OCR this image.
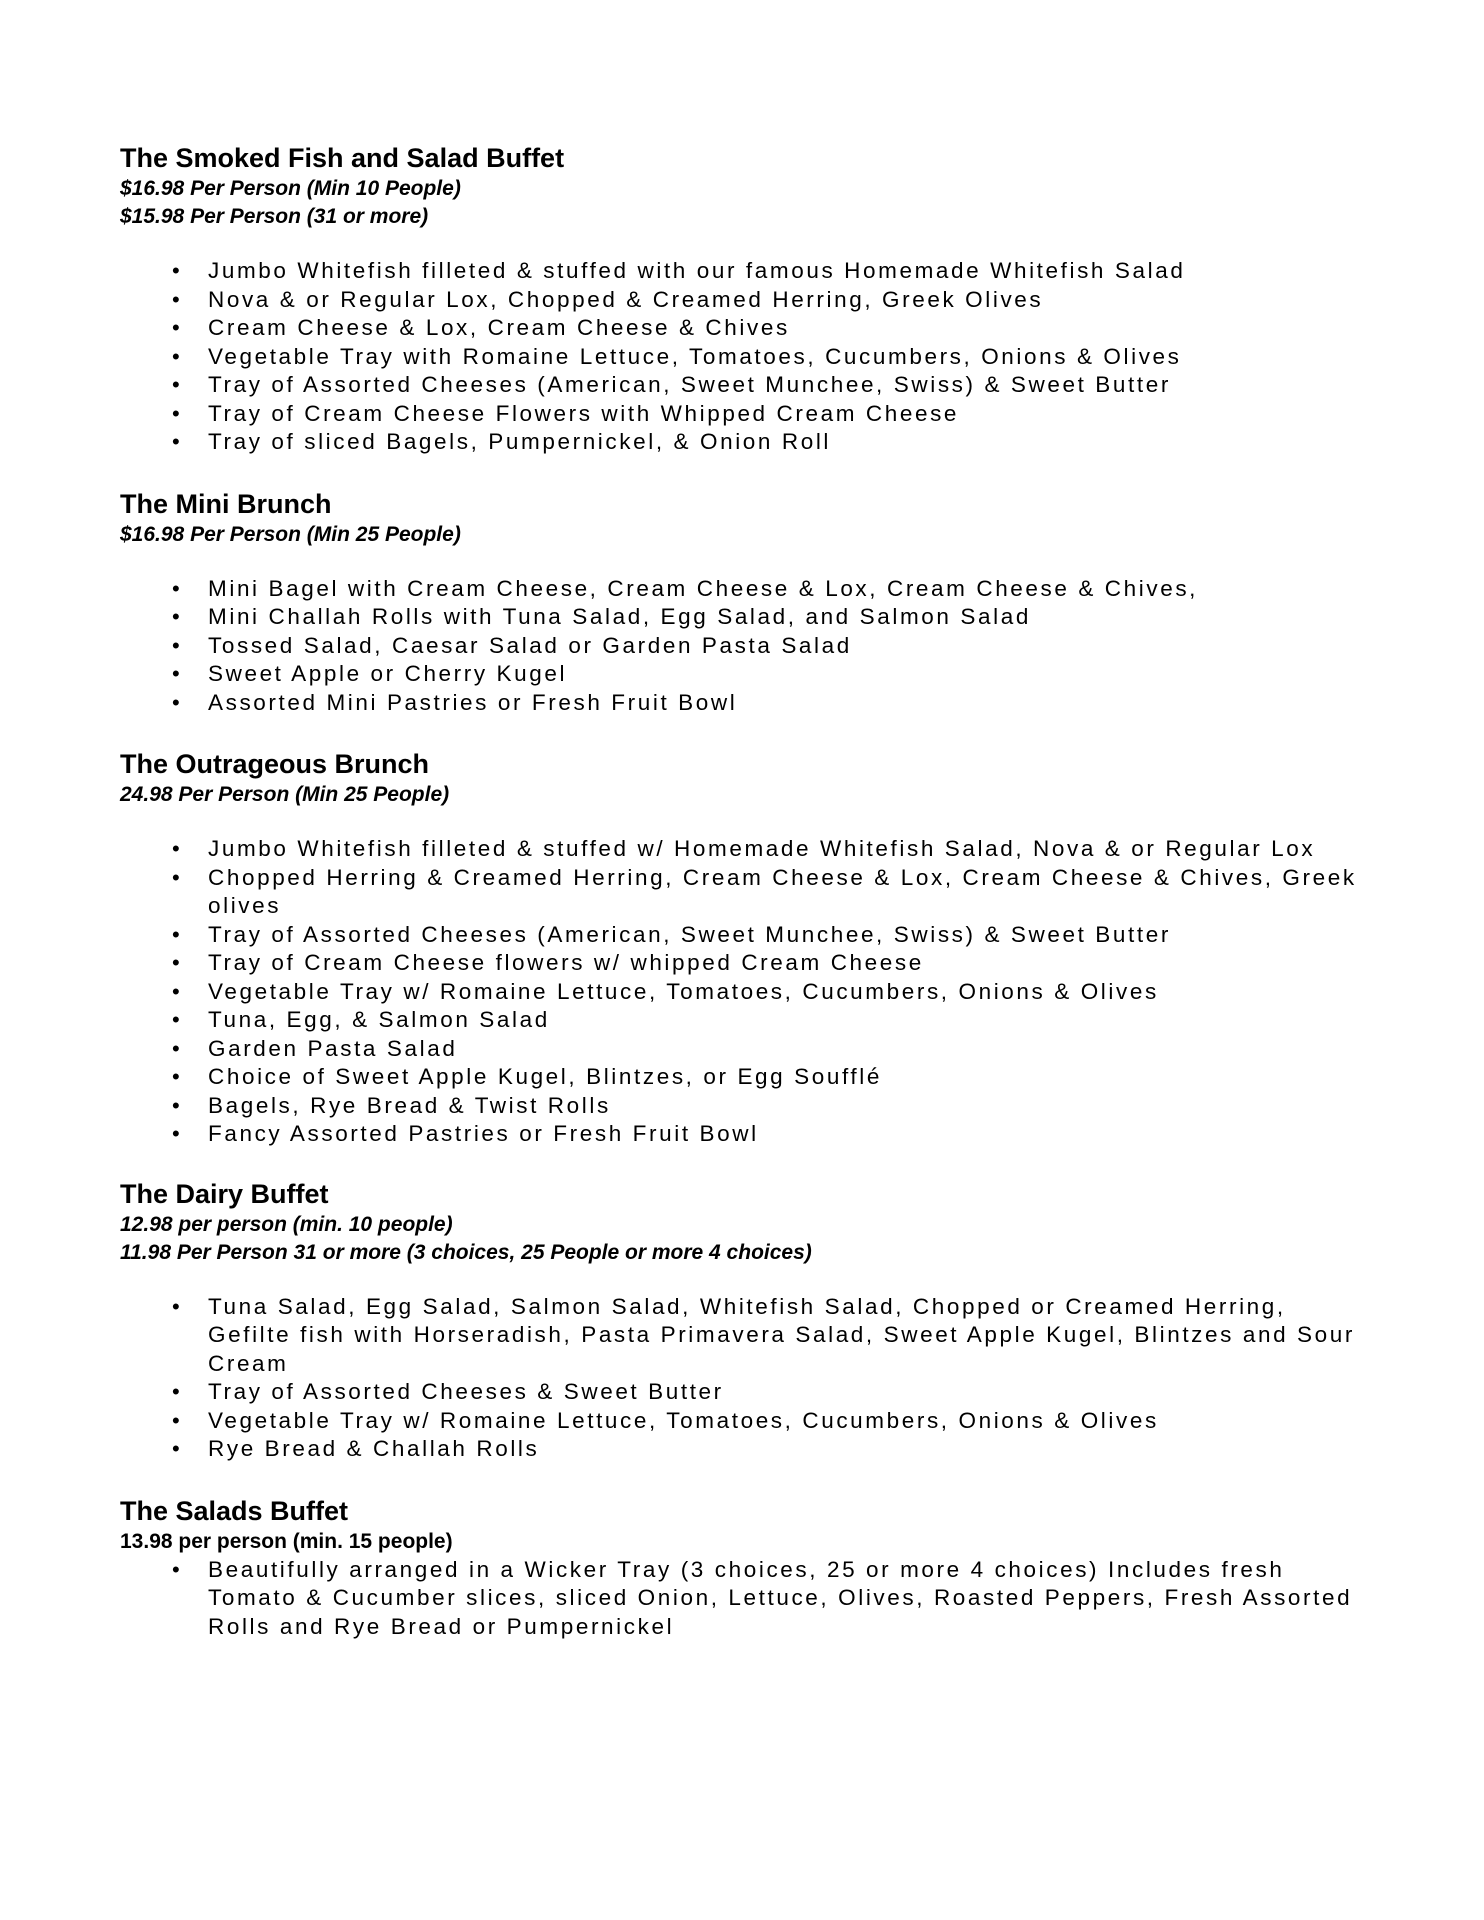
The Smoked Fish and Salad Buffet

$16.98 Per Person (Min 10 People)

$15.98 Per Person (31 or more)

• Jumbo Whitefish filleted & stuffed with our famous Homemade Whitefish Salad
• Nova & or Regular Lox, Chopped & Creamed Herring, Greek Olives
• Cream Cheese & Lox, Cream Cheese & Chives
• Vegetable Tray with Romaine Lettuce, Tomatoes, Cucumbers, Onions & Olives
• Tray of Assorted Cheeses (American, Sweet Munchee, Swiss) & Sweet Butter
• Tray of Cream Cheese Flowers with Whipped Cream Cheese
• Tray of sliced Bagels, Pumpernickel, & Onion Roll
The Mini Brunch

$16.98 Per Person (Min 25 People)

• Mini Bagel with Cream Cheese, Cream Cheese & Lox, Cream Cheese & Chives,
• Mini Challah Rolls with Tuna Salad, Egg Salad, and Salmon Salad
• Tossed Salad, Caesar Salad or Garden Pasta Salad
• Sweet Apple or Cherry Kugel
• Assorted Mini Pastries or Fresh Fruit Bowl
The Outrageous Brunch

24.98 Per Person (Min 25 People)

• Jumbo Whitefish filleted & stuffed w/ Homemade Whitefish Salad, Nova & or Regular Lox
• Chopped Herring & Creamed Herring, Cream Cheese & Lox, Cream Cheese & Chives, Greek olives
• Tray of Assorted Cheeses (American, Sweet Munchee, Swiss) & Sweet Butter
• Tray of Cream Cheese flowers w/ whipped Cream Cheese
• Vegetable Tray w/ Romaine Lettuce, Tomatoes, Cucumbers, Onions & Olives
• Tuna, Egg, & Salmon Salad
• Garden Pasta Salad
• Choice of Sweet Apple Kugel, Blintzes, or Egg Soufflé
• Bagels, Rye Bread & Twist Rolls
• Fancy Assorted Pastries or Fresh Fruit Bowl
The Dairy Buffet

12.98 per person (min. 10 people)

11.98 Per Person 31 or more (3 choices, 25 People or more 4 choices)

• Tuna Salad, Egg Salad, Salmon Salad, Whitefish Salad, Chopped or Creamed Herring, Gefilte fish with Horseradish, Pasta Primavera Salad, Sweet Apple Kugel, Blintzes and Sour Cream
• Tray of Assorted Cheeses & Sweet Butter
• Vegetable Tray w/ Romaine Lettuce, Tomatoes, Cucumbers, Onions & Olives
• Rye Bread & Challah Rolls
The Salads Buffet

13.98 per person (min. 15 people)

• Beautifully arranged in a Wicker Tray (3 choices, 25 or more 4 choices) Includes fresh Tomato & Cucumber slices, sliced Onion, Lettuce, Olives, Roasted Peppers, Fresh Assorted Rolls and Rye Bread or Pumpernickel
